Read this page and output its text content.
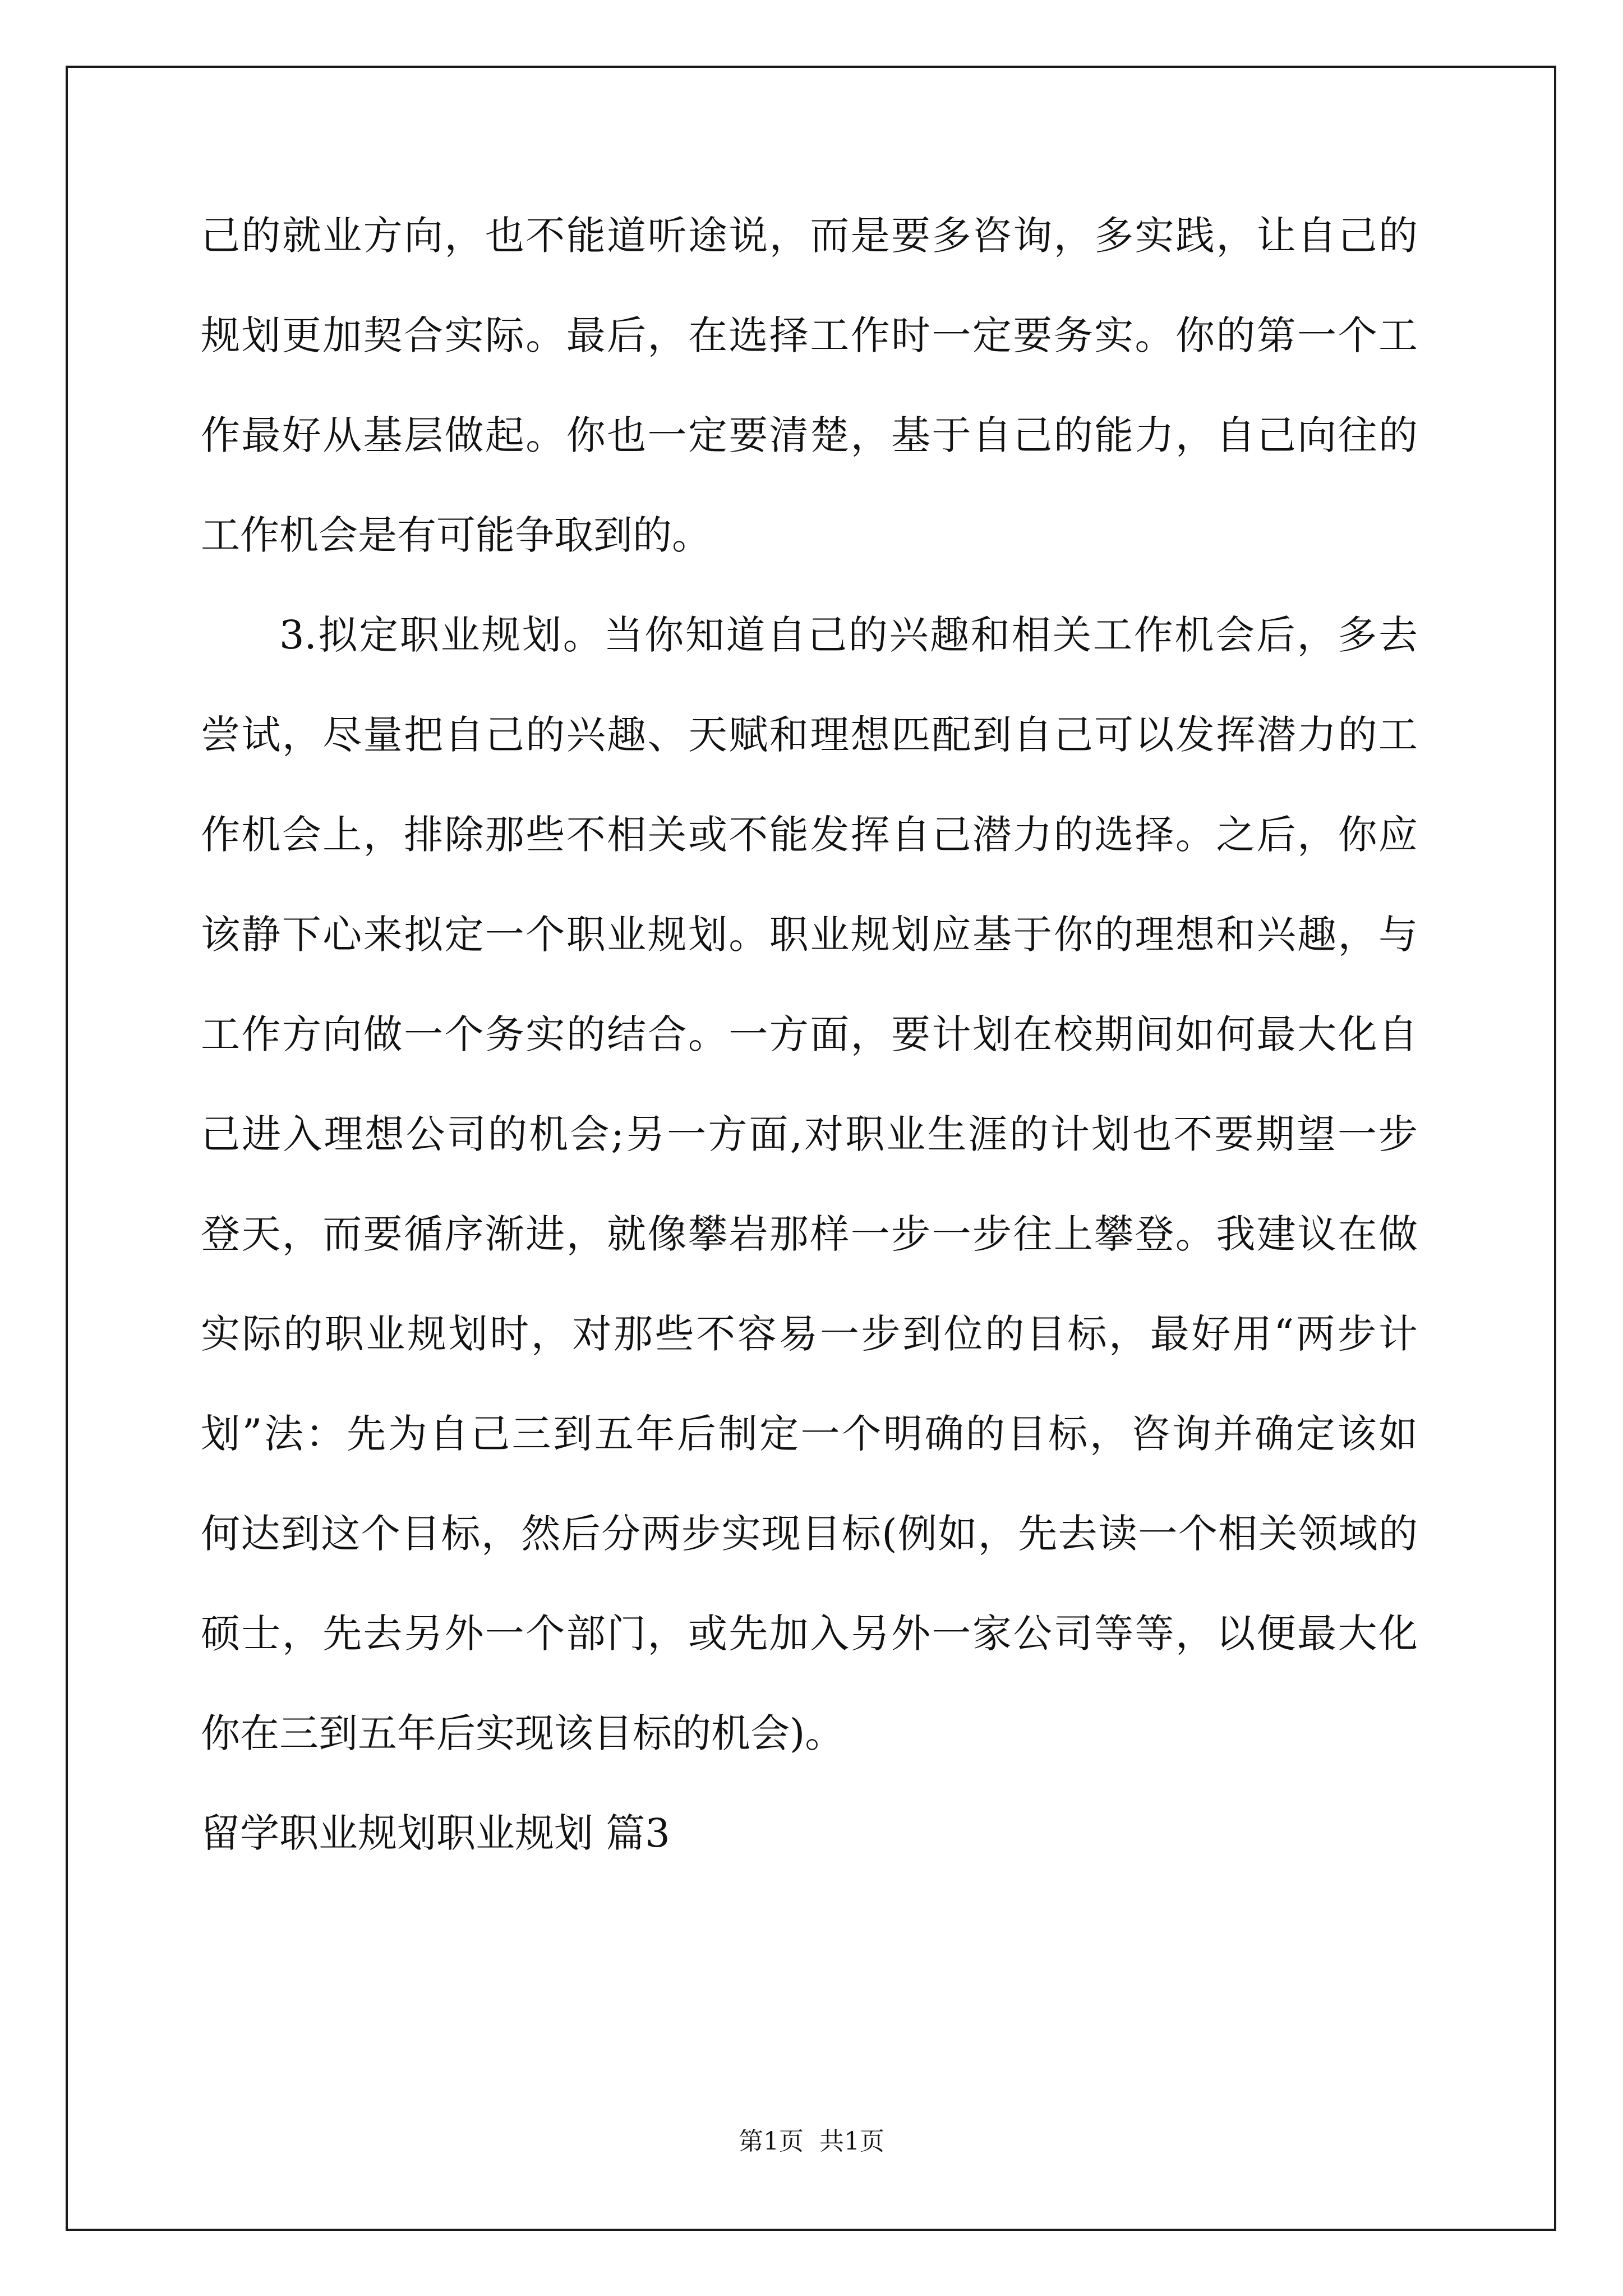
己的就业方向，也不能道听途说，而是要多咨询，多实践，让自己的
规划更加契合实际。最后，在选择工作时一定要务实。你的第一个工
作最好从基层做起。你也一定要清楚，基于自己的能力，自己向往的
工作机会是有可能争取到的。
3.拟定职业规划。当你知道自己的兴趣和相关工作机会后，多去
尝试，尽量把自己的兴趣、天赋和理想匹配到自己可以发挥潜力的工
作机会上，排除那些不相关或不能发挥自己潜力的选择。之后，你应
该静下心来拟定一个职业规划。职业规划应基于你的理想和兴趣，与
工作方向做一个务实的结合。一方面，要计划在校期间如何最大化自
己进入理想公司的机会;另一方面,对职业生涯的计划也不要期望一步
登天，而要循序渐进，就像攀岩那样一步一步往上攀登。我建议在做
实际的职业规划时，对那些不容易一步到位的目标，最好用“两步计
划”法：先为自己三到五年后制定一个明确的目标，咨询并确定该如
何达到这个目标，然后分两步实现目标(例如，先去读一个相关领域的
硕士，先去另外一个部门，或先加入另外一家公司等等，以便最大化
你在三到五年后实现该目标的机会)。
留学职业规划职业规划 篇3
第1页  共1页
